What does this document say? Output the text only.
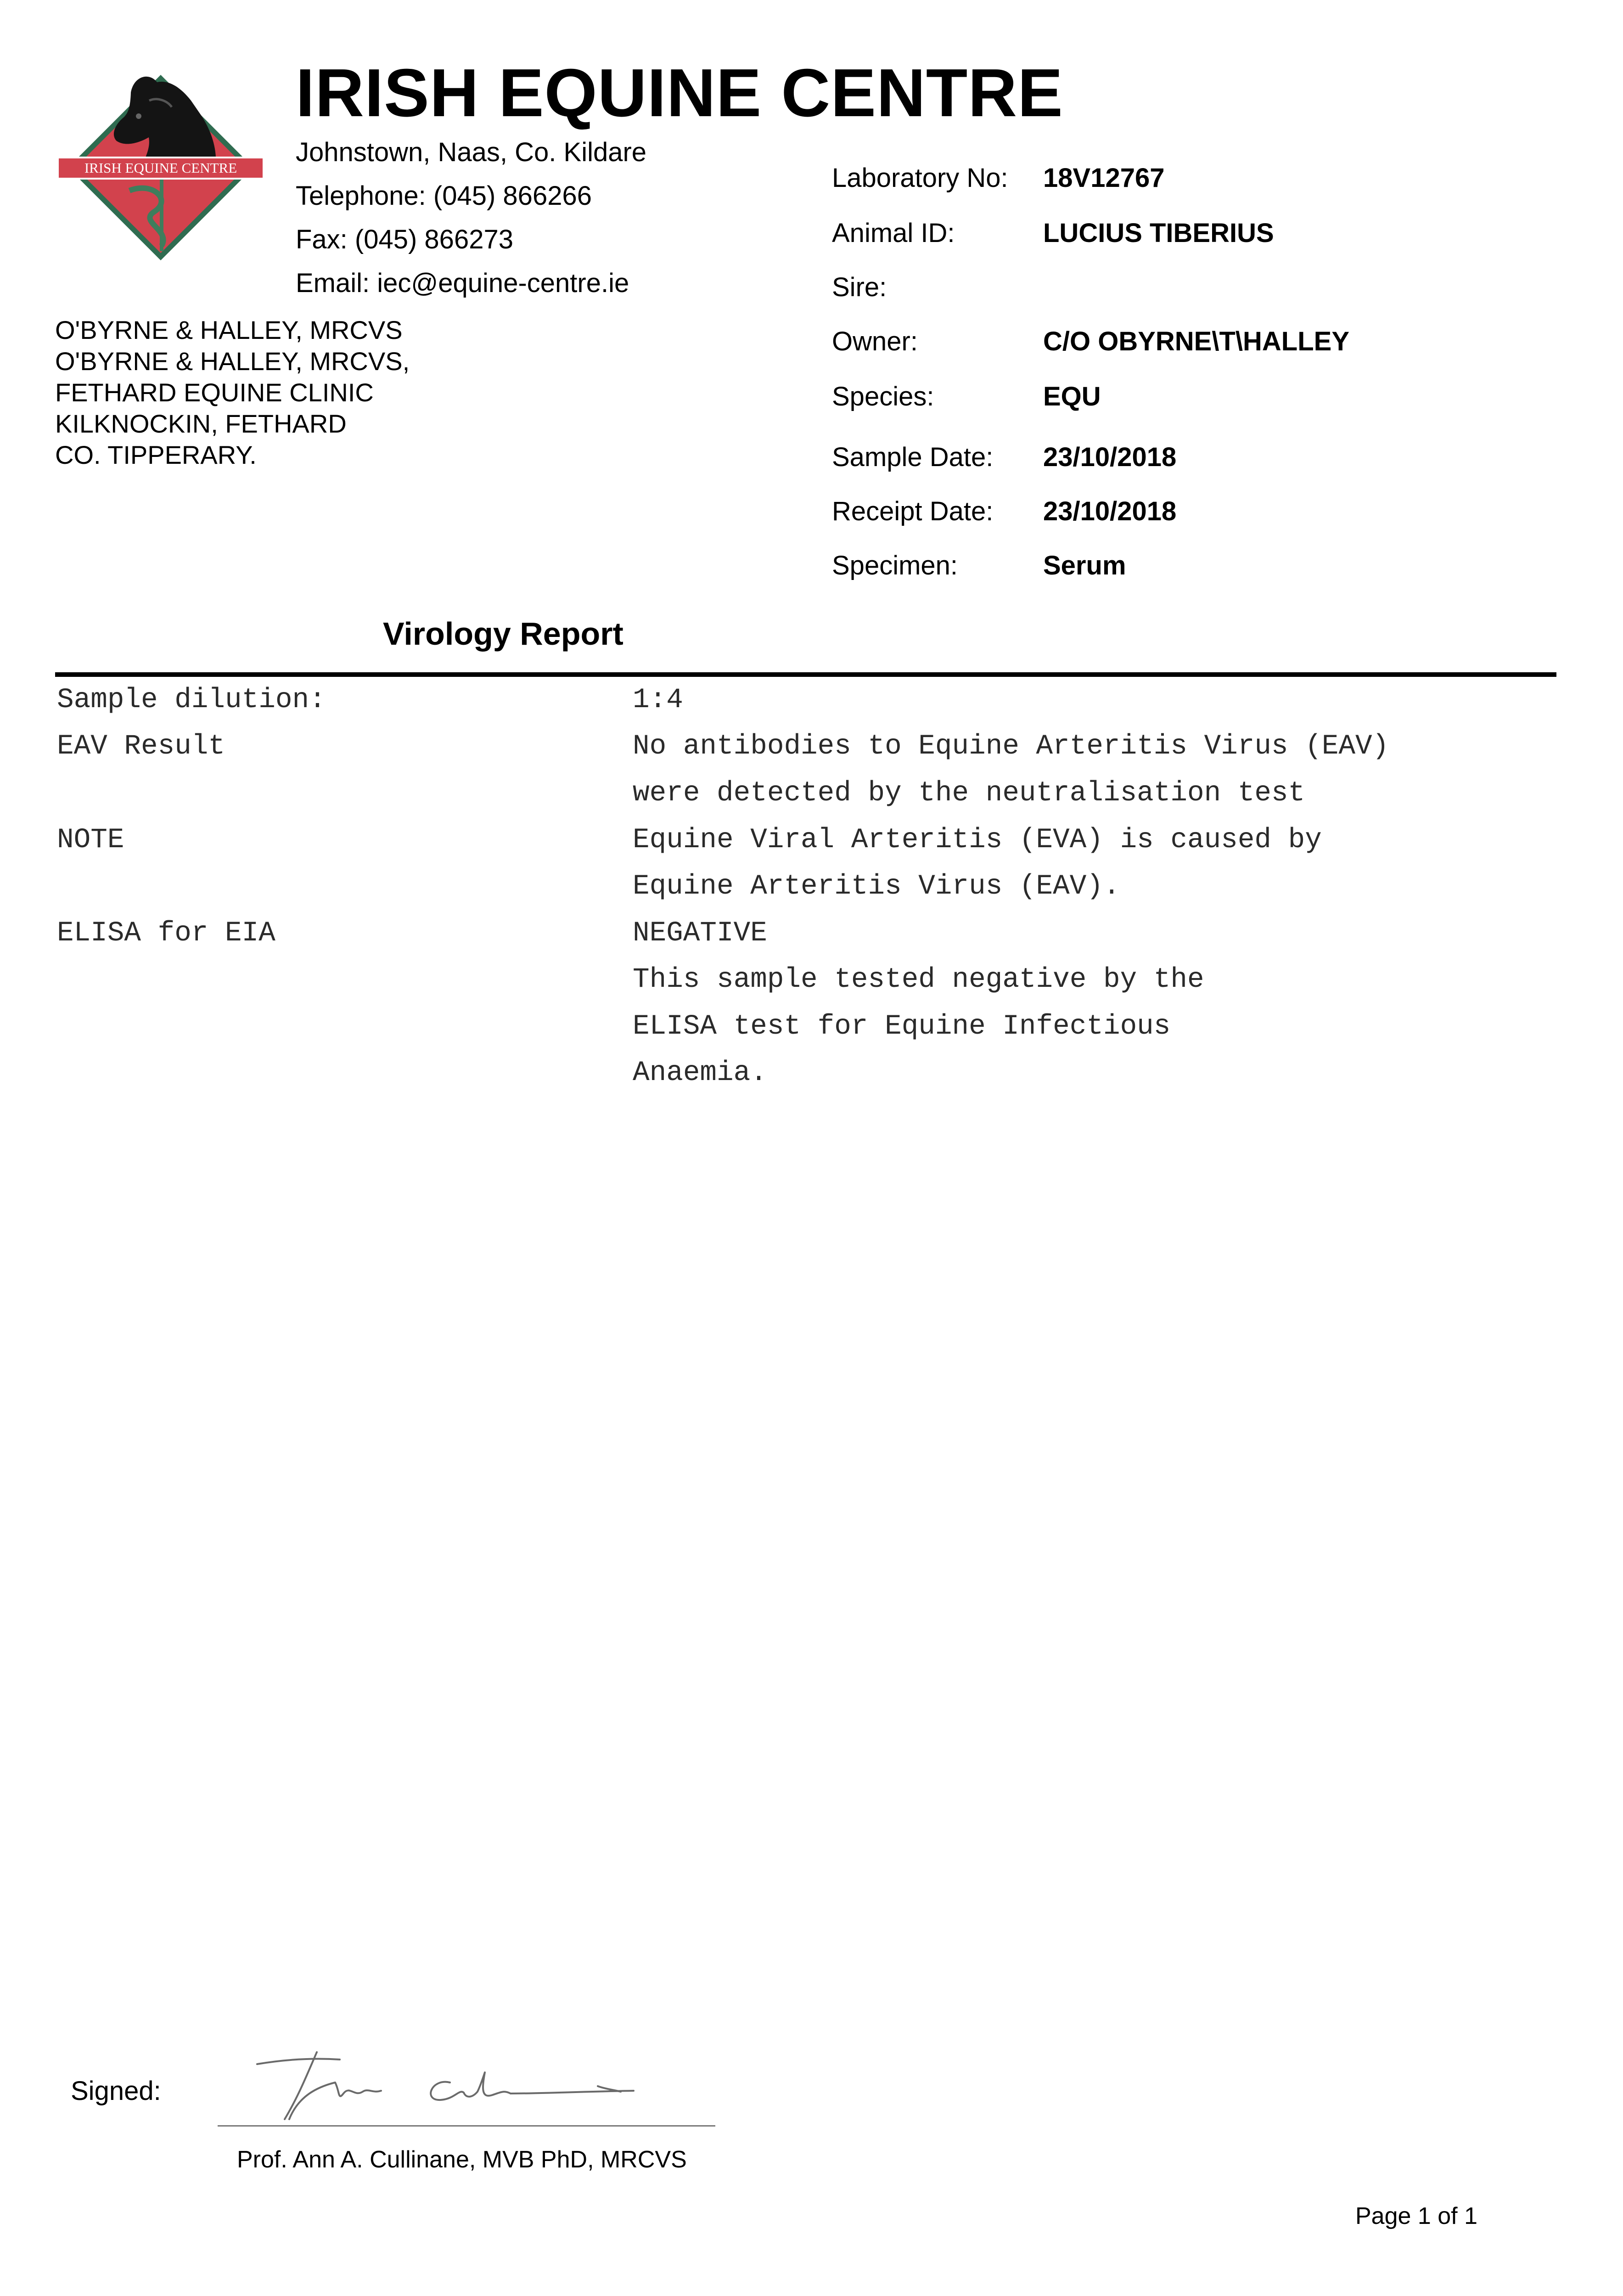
IRISH EQUINE CENTRE
IRISH EQUINE CENTRE
Johnstown, Naas, Co. Kildare
Telephone: (045) 866266
Fax: (045) 866273
Email: iec@equine-centre.ie
O'BYRNE & HALLEY, MRCVS
O'BYRNE & HALLEY, MRCVS,
FETHARD EQUINE CLINIC
KILKNOCKIN, FETHARD
CO. TIPPERARY.
Laboratory No: 18V12767
Animal ID:	LUCIUS TIBERIUS
Sire:
Owner:	C/O OBYRNE\T\HALLEY
Species:	EQU
Sample Date: 23/10/2018
Receipt Date: 23/10/2018
Specimen:	Serum
Virology Report
Sample dilution:	1:4
EAV Result	No antibodies to Equine Arteritis Virus (EAV)
were detected by the neutralisation test
NOTE	Equine Viral Arteritis (EVA) is caused by
Equine Arteritis Virus (EAV).
ELISA for EIA	NEGATIVE
This sample tested negative by the
ELISA test for Equine Infectious
Anaemia.
Signed:
Prof. Ann A. Cullinane, MVB PhD, MRCVS
Page 1 of 1
